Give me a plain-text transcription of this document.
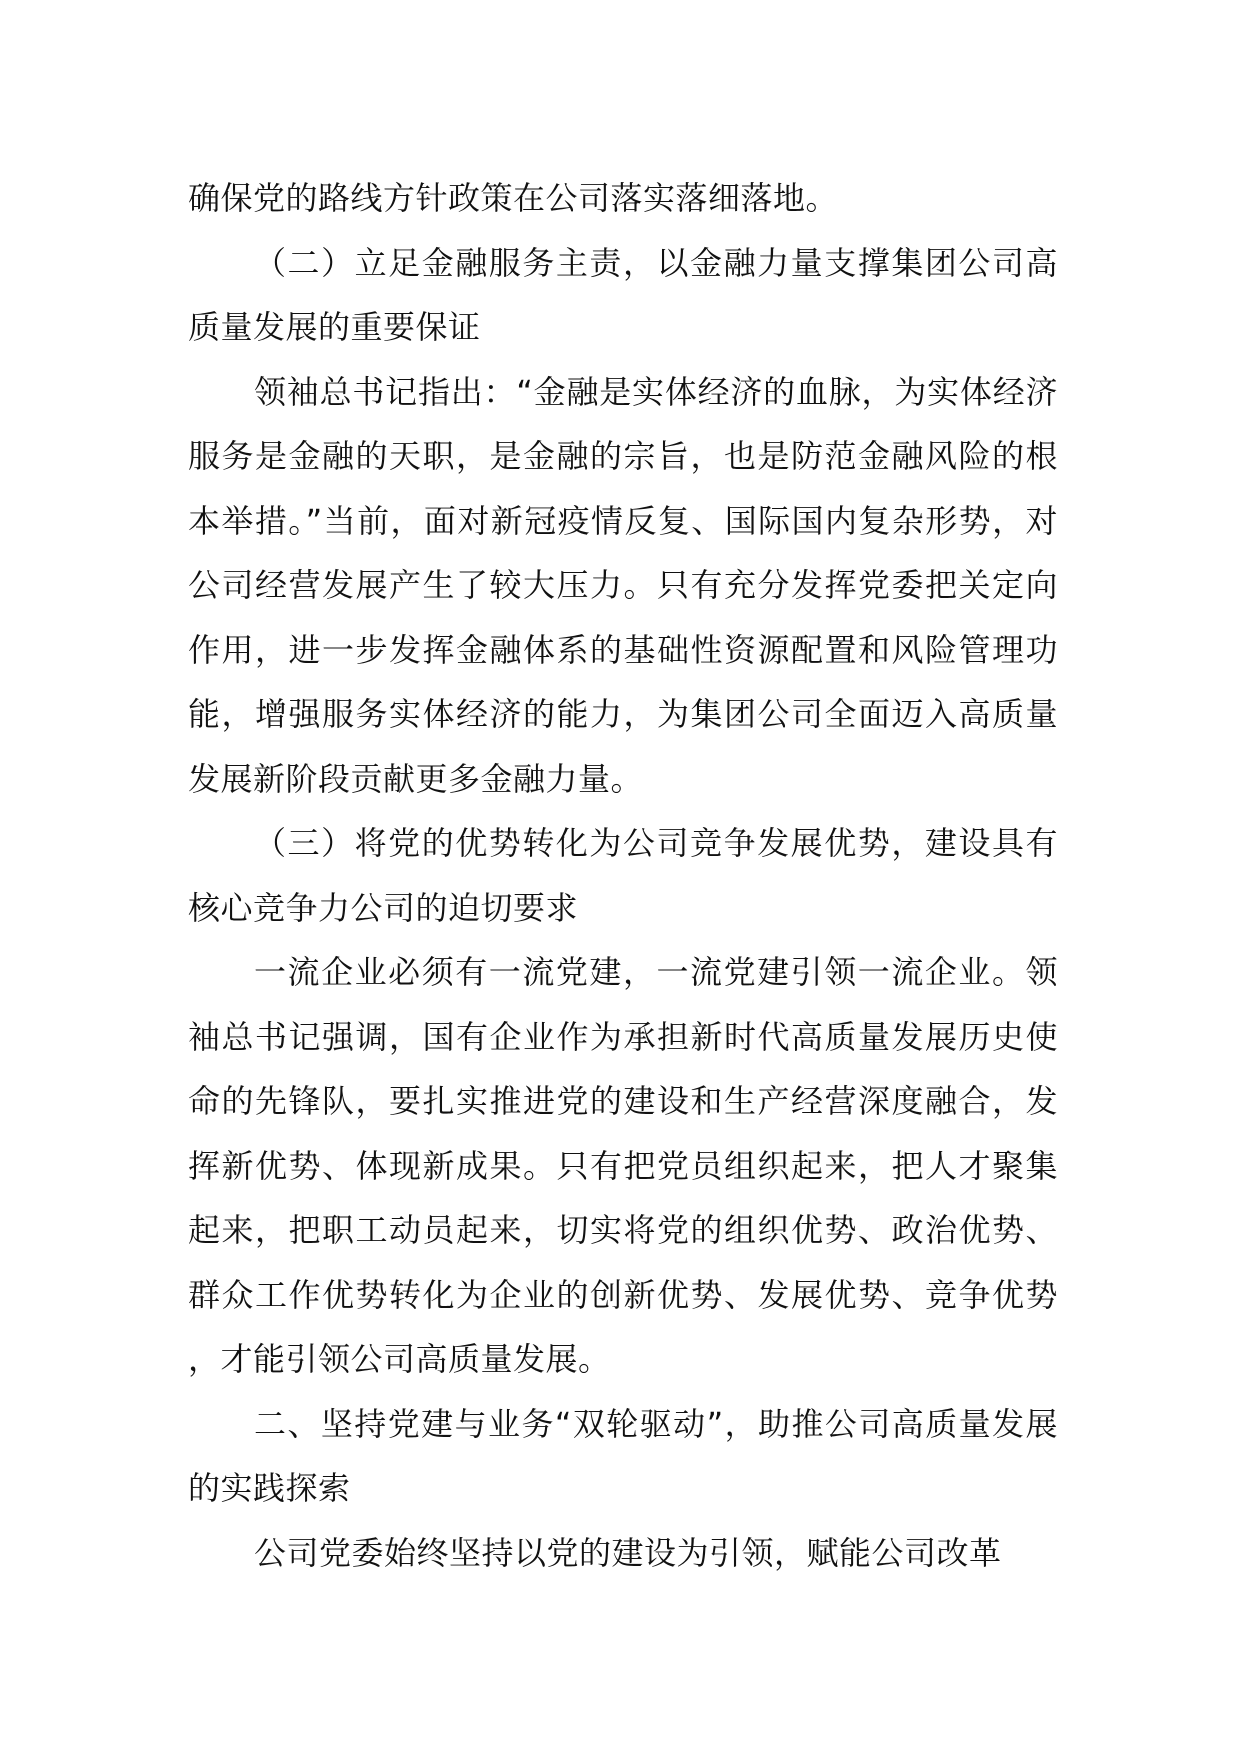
确保党的路线方针政策在公司落实落细落地。

（二）立足金融服务主责，以金融力量支撑集团公司高质量发展的重要保证

领袖总书记指出：“金融是实体经济的血脉，为实体经济服务是金融的天职，是金融的宗旨，也是防范金融风险的根本举措。”当前，面对新冠疫情反复、国际国内复杂形势，对公司经营发展产生了较大压力。只有充分发挥党委把关定向作用，进一步发挥金融体系的基础性资源配置和风险管理功能，增强服务实体经济的能力，为集团公司全面迈入高质量发展新阶段贡献更多金融力量。

（三）将党的优势转化为公司竞争发展优势，建设具有核心竞争力公司的迫切要求

一流企业必须有一流党建，一流党建引领一流企业。领袖总书记强调，国有企业作为承担新时代高质量发展历史使命的先锋队，要扎实推进党的建设和生产经营深度融合，发挥新优势、体现新成果。只有把党员组织起来，把人才聚集起来，把职工动员起来，切实将党的组织优势、政治优势、群众工作优势转化为企业的创新优势、发展优势、竞争优势，才能引领公司高质量发展。

二、坚持党建与业务“双轮驱动”，助推公司高质量发展的实践探索

公司党委始终坚持以党的建设为引领，赋能公司改革
